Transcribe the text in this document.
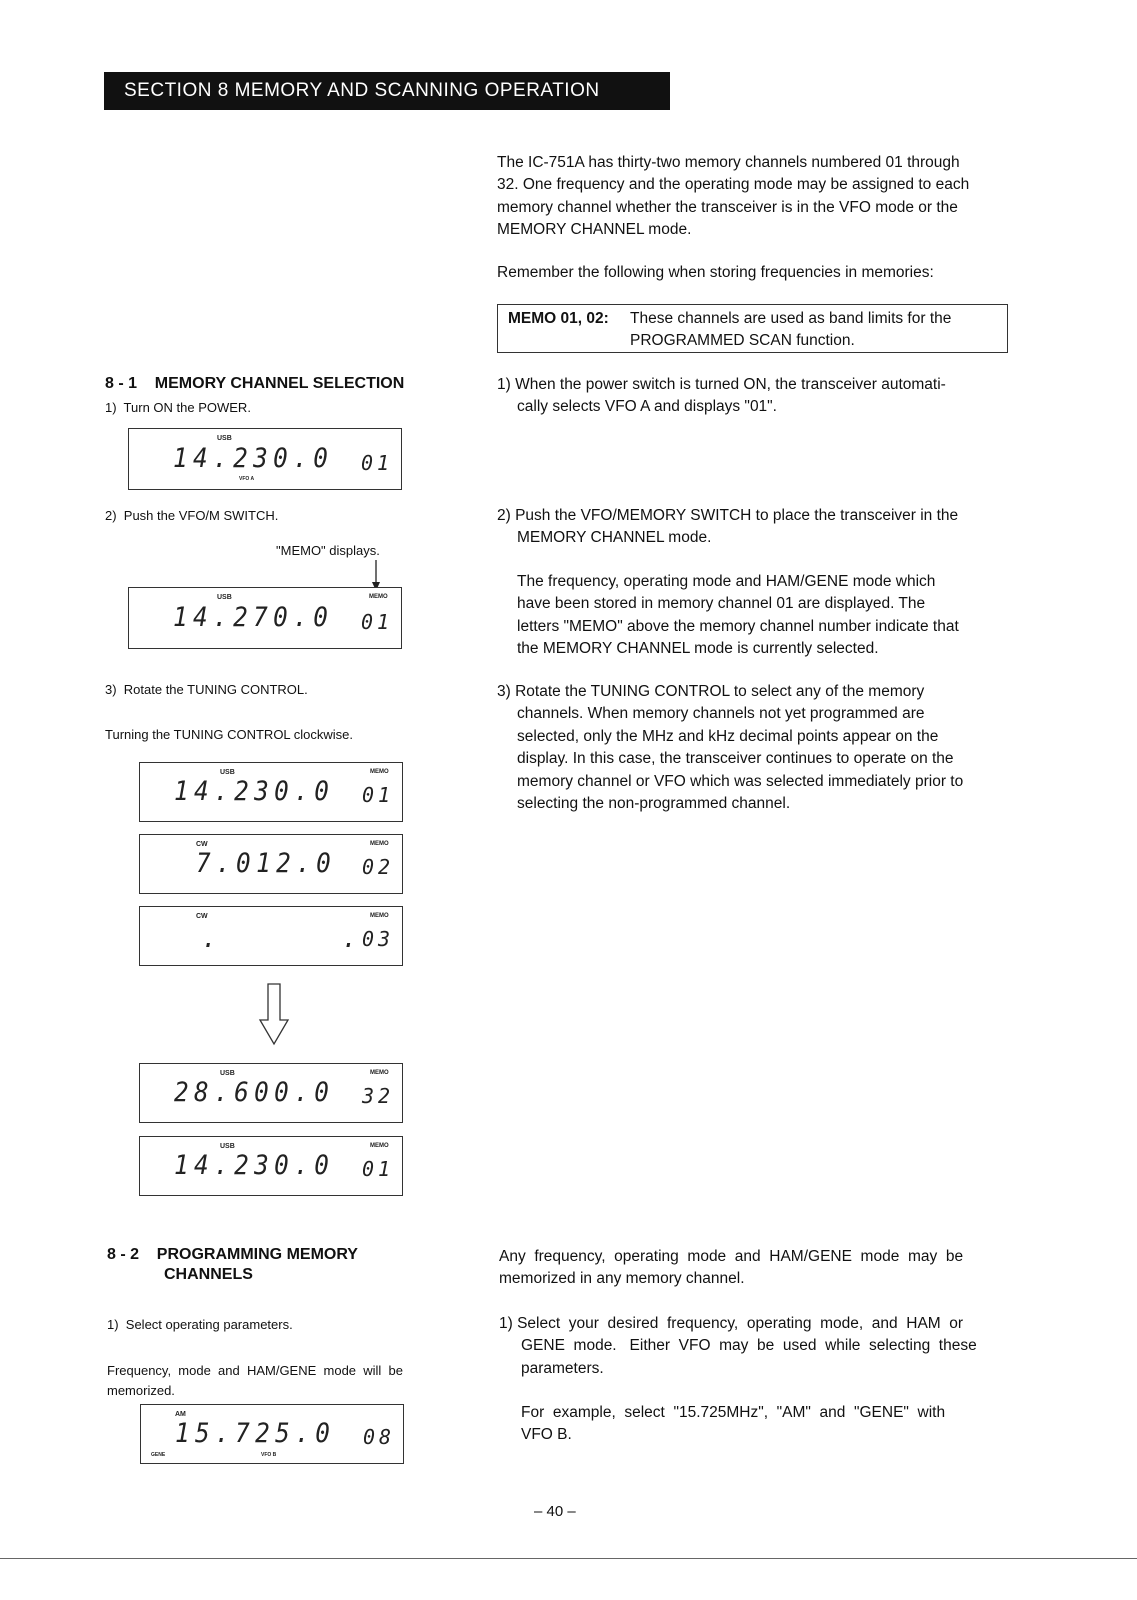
SECTION 8 MEMORY AND SCANNING OPERATION
The IC-751A has thirty-two memory channels numbered 01 through
32. One frequency and the operating mode may be assigned to each
memory channel whether the transceiver is in the VFO mode or the
MEMORY CHANNEL mode.
Remember the following when storing frequencies in memories:
MEMO 01, 02: These channels are used as band limits for the
PROGRAMMED SCAN function.
8 - 1    MEMORY CHANNEL SELECTION
1)  Turn ON the POWER.
USB
14.230.0 01
VFO A
2)  Push the VFO/M SWITCH.
"MEMO" displays.
USB	MEMO
14.270.0 01
3)  Rotate the TUNING CONTROL.
Turning the TUNING CONTROL clockwise.
USB	MEMO
14.230.0 01
CW	MEMO
7.012.0 02
CW	MEMO
.      . 03
USB	MEMO
28.600.0 32
USB	MEMO
14.230.0 01
1) When the power switch is turned ON, the transceiver automati-
cally selects VFO A and displays "01".
2) Push the VFO/MEMORY SWITCH to place the transceiver in the
MEMORY CHANNEL mode.
The frequency, operating mode and HAM/GENE mode which
have been stored in memory channel 01 are displayed. The
letters "MEMO" above the memory channel number indicate that
the MEMORY CHANNEL mode is currently selected.
3) Rotate the TUNING CONTROL to select any of the memory
channels. When memory channels not yet programmed are
selected, only the MHz and kHz decimal points appear on the
display. In this case, the transceiver continues to operate on the
memory channel or VFO which was selected immediately prior to
selecting the non-programmed channel.
8 - 2    PROGRAMMING MEMORY
CHANNELS
1)  Select operating parameters.
Frequency,  mode  and  HAM/GENE  mode  will  be
memorized.
AM
15.725.0 08
GENE	VFO B
Any  frequency,  operating  mode  and  HAM/GENE  mode  may  be
memorized in any memory channel.
1) Select  your  desired  frequency,  operating  mode,  and  HAM  or
GENE  mode.   Either  VFO  may  be  used  while  selecting  these
parameters.
For  example,  select  "15.725MHz",  "AM"  and  "GENE"  with
VFO B.
– 40 –
